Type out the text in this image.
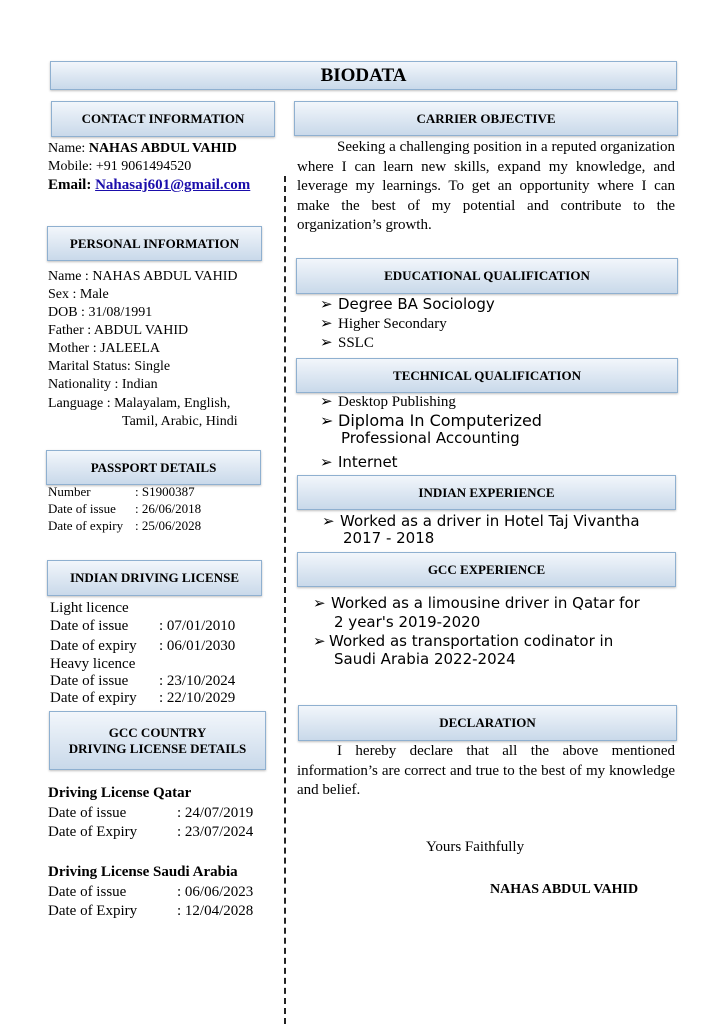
BIODATA
CONTACT INFORMATION
Name: NAHAS ABDUL VAHID
Mobile: +91 9061494520
Email: Nahasaj601@gmail.com
PERSONAL INFORMATION
Name : NAHAS ABDUL VAHID
Sex : Male
DOB : 31/08/1991
Father : ABDUL VAHID
Mother : JALEELA
Marital Status: Single
Nationality : Indian
Language : Malayalam, English,
Tamil, Arabic, Hindi
PASSPORT DETAILS
Number	: S1900387
Date of issue : 26/06/2018
Date of expiry : 25/06/2028
INDIAN DRIVING LICENSE
Light licence
Date of issue : 07/01/2010
Date of expiry : 06/01/2030
Heavy licence
Date of issue : 23/10/2024
Date of expiry : 22/10/2029
GCC COUNTRY
DRIVING LICENSE DETAILS
Driving License Qatar
Date of issue	: 24/07/2019
Date of Expiry	: 23/07/2024
Driving License Saudi Arabia
Date of issue	: 06/06/2023
Date of Expiry	: 12/04/2028
CARRIER OBJECTIVE
Seeking a challenging position in a reputed organization where I can learn new skills, expand my knowledge, and leverage my learnings. To get an opportunity where I can make the best of my potential and contribute to the organization’s growth.
EDUCATIONAL QUALIFICATION
➢ Degree BA Sociology
➢ Higher Secondary
➢ SSLC
TECHNICAL QUALIFICATION
➢ Desktop Publishing
➢ Diploma In Computerized
Professional Accounting
➢ Internet
INDIAN EXPERIENCE
➢ Worked as a driver in Hotel Taj Vivantha
2017 - 2018
GCC EXPERIENCE
➢ Worked as a limousine driver in Qatar for
2 year's 2019-2020
➢ Worked as transportation codinator in
Saudi Arabia 2022-2024
DECLARATION
I hereby declare that all the above mentioned information’s are correct and true to the best of my knowledge and belief.
Yours Faithfully
NAHAS ABDUL VAHID
